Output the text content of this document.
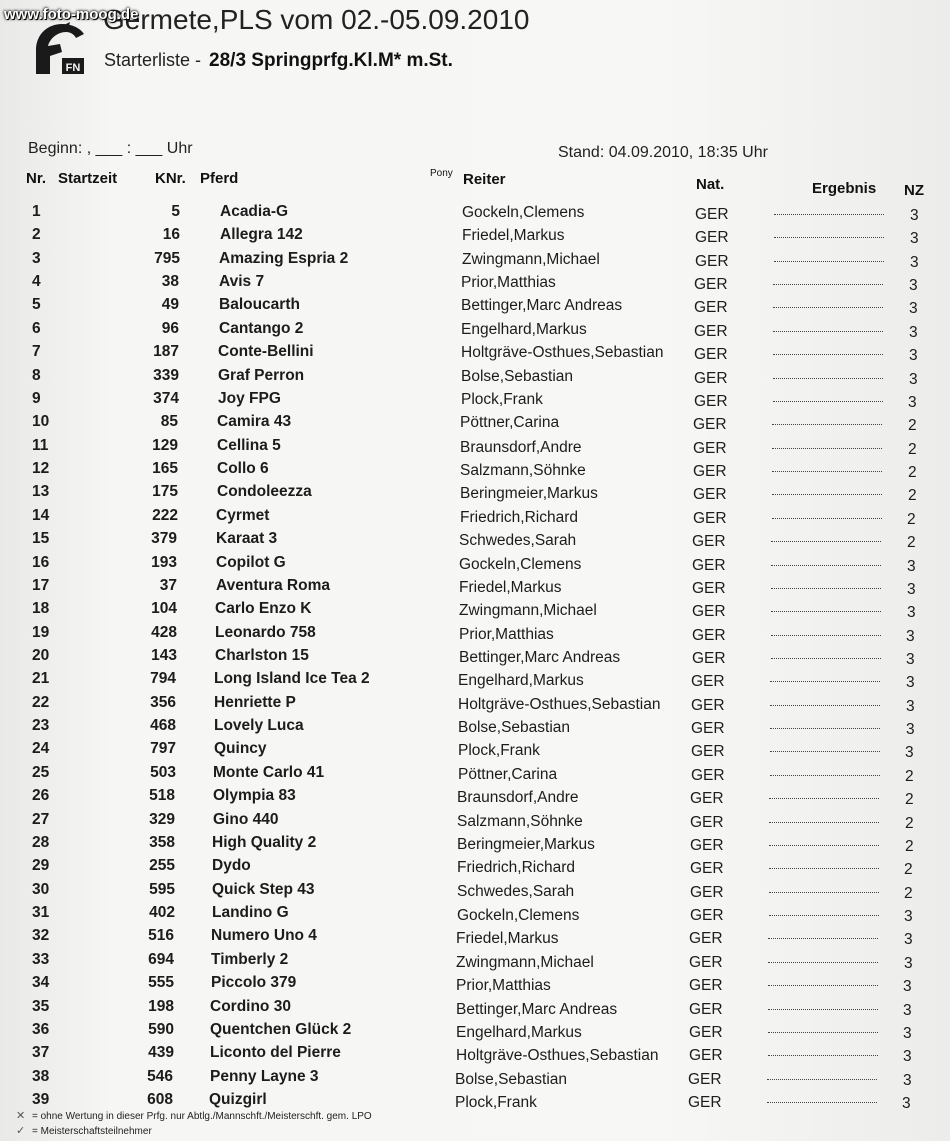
www.foto-moog.de
FN
Germete,PLS vom 02.-05.09.2010
Starterliste - 28/3 Springprfg.Kl.M* m.St.
Beginn: , ___ : ___ Uhr	Stand: 04.09.2010, 18:35 Uhr
Nr. Startzeit	KNr. Pferd	Pony Reiter	Nat.	Ergebnis NZ
1	5	Acadia-G	Gockeln,Clemens	GER	3
2	16	Allegra 142	Friedel,Markus	GER	3
3	795	Amazing Espria 2	Zwingmann,Michael	GER	3
4	38	Avis 7	Prior,Matthias	GER	3
5	49	Baloucarth	Bettinger,Marc Andreas	GER	3
6	96	Cantango 2	Engelhard,Markus	GER	3
7	187	Conte-Bellini	Holtgräve-Osthues,Sebastian GER	3
8	339	Graf Perron	Bolse,Sebastian	GER	3
9	374	Joy FPG	Plock,Frank	GER	3
10	85	Camira 43	Pöttner,Carina	GER	2
11	129	Cellina 5	Braunsdorf,Andre	GER	2
12	165	Collo 6	Salzmann,Söhnke	GER	2
13	175	Condoleezza	Beringmeier,Markus	GER	2
14	222 Cyrmet	Friedrich,Richard	GER	2
15	379	Karaat 3	Schwedes,Sarah	GER	2
16	193	Copilot G	Gockeln,Clemens	GER	3
17	37	Aventura Roma	Friedel,Markus	GER	3
18	104 Carlo Enzo K	Zwingmann,Michael	GER	3
19	428 Leonardo 758	Prior,Matthias	GER	3
20	143 Charlston 15	Bettinger,Marc Andreas	GER	3
21	794 Long Island Ice Tea 2	Engelhard,Markus	GER	3
22	356 Henriette P	Holtgräve-Osthues,Sebastian GER	3
23	468 Lovely Luca	Bolse,Sebastian	GER	3
24	797 Quincy	Plock,Frank	GER	3
25	503 Monte Carlo 41	Pöttner,Carina	GER	2
26	518 Olympia 83	Braunsdorf,Andre	GER	2
27	329 Gino 440	Salzmann,Söhnke	GER	2
28	358 High Quality 2	Beringmeier,Markus	GER	2
29	255 Dydo	Friedrich,Richard	GER	2
30	595 Quick Step 43	Schwedes,Sarah	GER	2
31	402 Landino G	Gockeln,Clemens	GER	3
32	516 Numero Uno 4	Friedel,Markus	GER	3
33	694 Timberly 2	Zwingmann,Michael	GER	3
34	555 Piccolo 379	Prior,Matthias	GER	3
35	198 Cordino 30	Bettinger,Marc Andreas	GER	3
36	590 Quentchen Glück 2	Engelhard,Markus	GER	3
37	439 Liconto del Pierre	Holtgräve-Osthues,Sebastian GER	3
38	546 Penny Layne 3	Bolse,Sebastian	GER	3
39	608 Quizgirl	Plock,Frank	GER	3
✕ = ohne Wertung in dieser Prfg. nur Abtlg./Mannschft./Meisterschft. gem. LPO
✓ = Meisterschaftsteilnehmer
